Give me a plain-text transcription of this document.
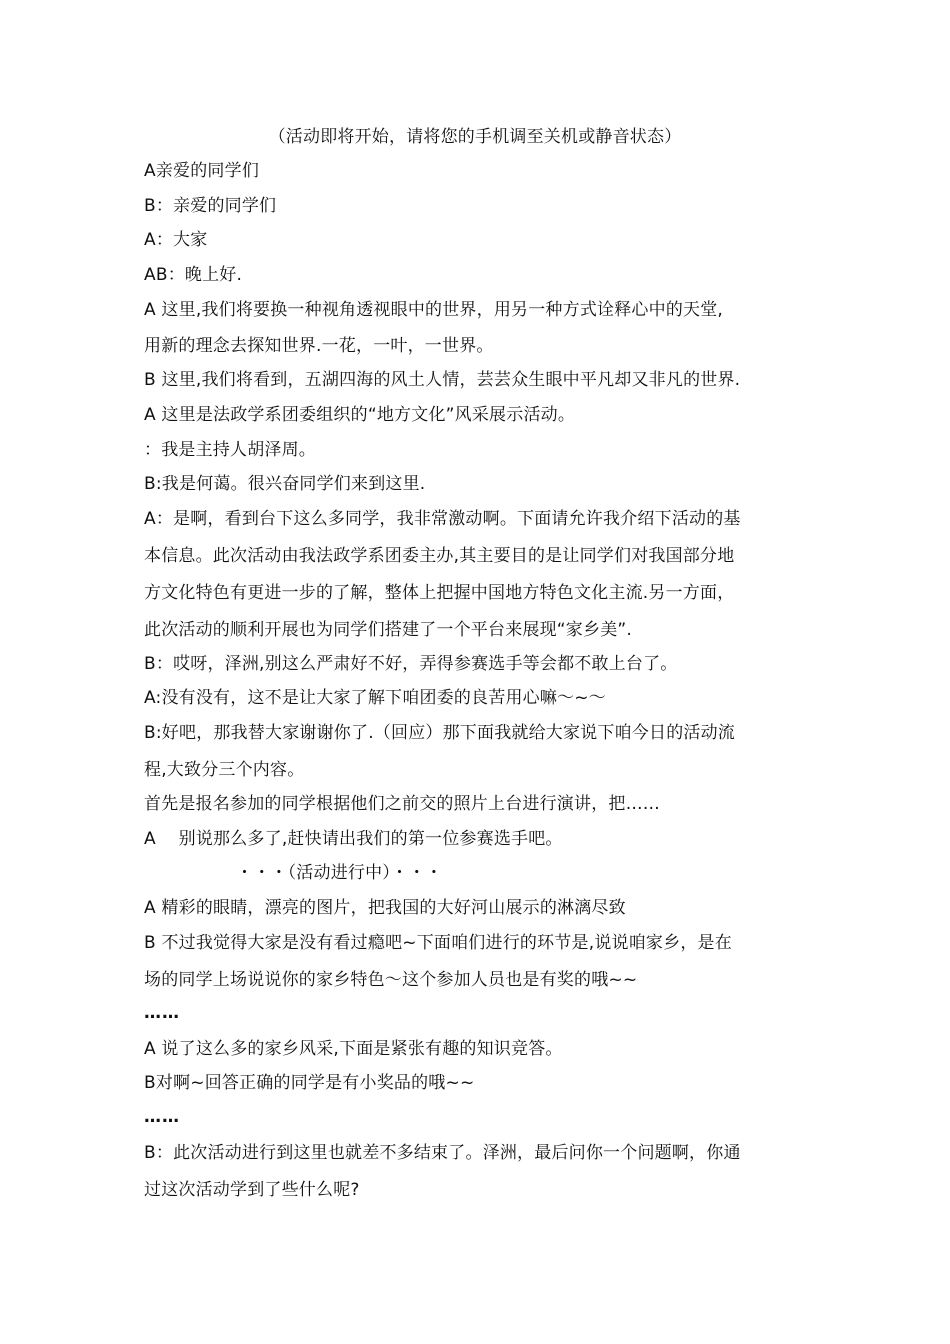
（活动即将开始，请将您的手机调至关机或静音状态）
A亲爱的同学们
B：亲爱的同学们
A：大家
AB：晚上好.
A 这里,我们将要换一种视角透视眼中的世界，用另一种方式诠释心中的天堂,
用新的理念去探知世界.一花，一叶，一世界。
B 这里,我们将看到，五湖四海的风土人情，芸芸众生眼中平凡却又非凡的世界.
A 这里是法政学系团委组织的“地方文化”风采展示活动。
：我是主持人胡泽周。
B:我是何蔼。很兴奋同学们来到这里.
A：是啊，看到台下这么多同学，我非常激动啊。下面请允许我介绍下活动的基
本信息。此次活动由我法政学系团委主办,其主要目的是让同学们对我国部分地
方文化特色有更进一步的了解，整体上把握中国地方特色文化主流.另一方面，
此次活动的顺利开展也为同学们搭建了一个平台来展现“家乡美”.
B：哎呀，泽洲,别这么严肃好不好，弄得参赛选手等会都不敢上台了。
A:没有没有，这不是让大家了解下咱团委的良苦用心嘛～~～
B:好吧，那我替大家谢谢你了.（回应）那下面我就给大家说下咱今日的活动流
程,大致分三个内容。
首先是报名参加的同学根据他们之前交的照片上台进行演讲，把……
A　 别说那么多了,赶快请出我们的第一位参赛选手吧。
・・・（活动进行中）・・・
A 精彩的眼睛，漂亮的图片，把我国的大好河山展示的淋漓尽致
B 不过我觉得大家是没有看过瘾吧~下面咱们进行的环节是,说说咱家乡，是在
场的同学上场说说你的家乡特色～这个参加人员也是有奖的哦~~
……
A 说了这么多的家乡风采,下面是紧张有趣的知识竞答。
B对啊~回答正确的同学是有小奖品的哦~~
……
B：此次活动进行到这里也就差不多结束了。泽洲，最后问你一个问题啊，你通
过这次活动学到了些什么呢?
